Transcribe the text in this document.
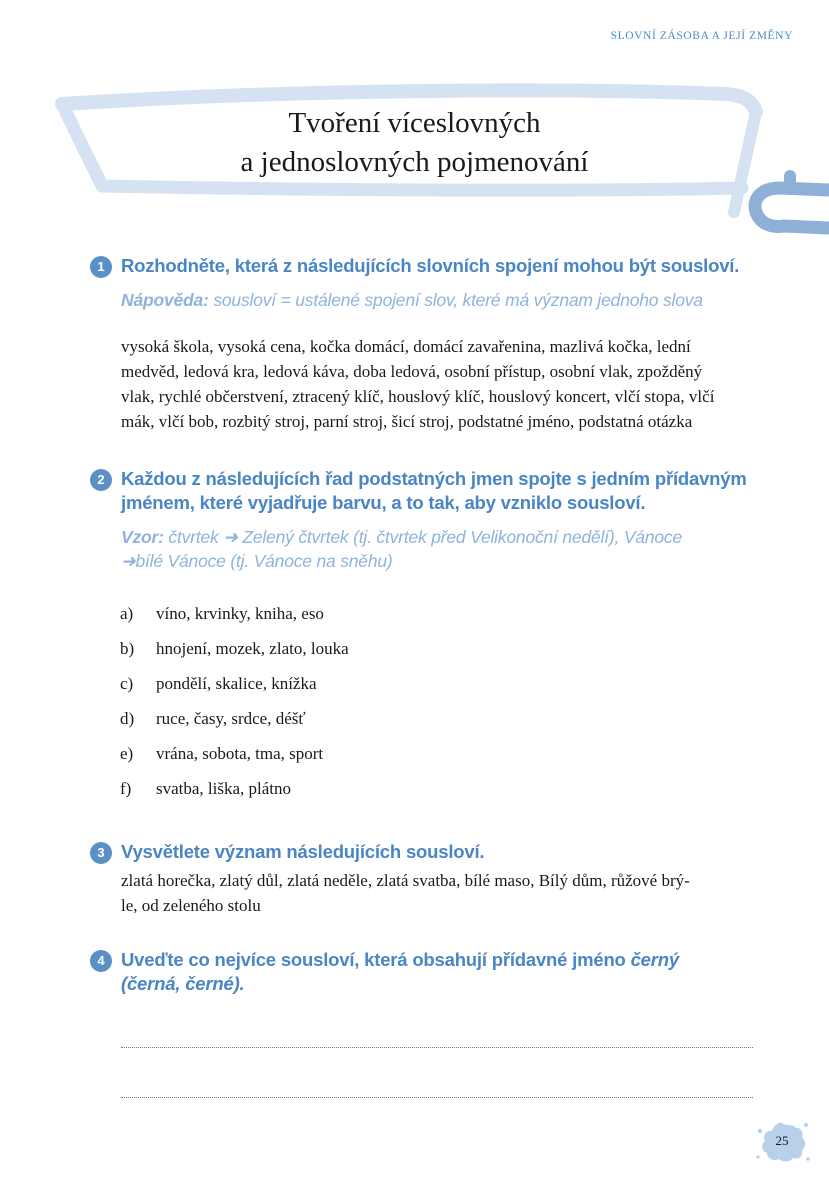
SLOVNÍ ZÁSOBA A JEJÍ ZMĚNY
Tvoření víceslovných
a jednoslovných pojmenování
1 Rozhodněte, která z následujících slovních spojení mohou být sousloví.
Nápověda: sousloví = ustálené spojení slov, které má význam jednoho slova
vysoká škola, vysoká cena, kočka domácí, domácí zavařenina, mazlivá kočka, lední
medvěd, ledová kra, ledová káva, doba ledová, osobní přístup, osobní vlak, zpožděný
vlak, rychlé občerstvení, ztracený klíč, houslový klíč, houslový koncert, vlčí stopa, vlčí
mák, vlčí bob, rozbitý stroj, parní stroj, šicí stroj, podstatné jméno, podstatná otázka
2 Každou z následujících řad podstatných jmen spojte s jedním přídavným
jménem, které vyjadřuje barvu, a to tak, aby vzniklo sousloví.
Vzor: čtvrtek ➜ Zelený čtvrtek (tj. čtvrtek před Velikonoční nedělí), Vánoce
➜bílé Vánoce (tj. Vánoce na sněhu)
a)	víno, krvinky, kniha, eso
b)	hnojení, mozek, zlato, louka
c)	pondělí, skalice, knížka
d)	ruce, časy, srdce, déšť
e)	vrána, sobota, tma, sport
f)	svatba, liška, plátno
3 Vysvětlete význam následujících sousloví.
zlatá horečka, zlatý důl, zlatá neděle, zlatá svatba, bílé maso, Bílý dům, růžové brý-
le, od zeleného stolu
4 Uveďte co nejvíce sousloví, která obsahují přídavné jméno černý
(černá, černé).
25
